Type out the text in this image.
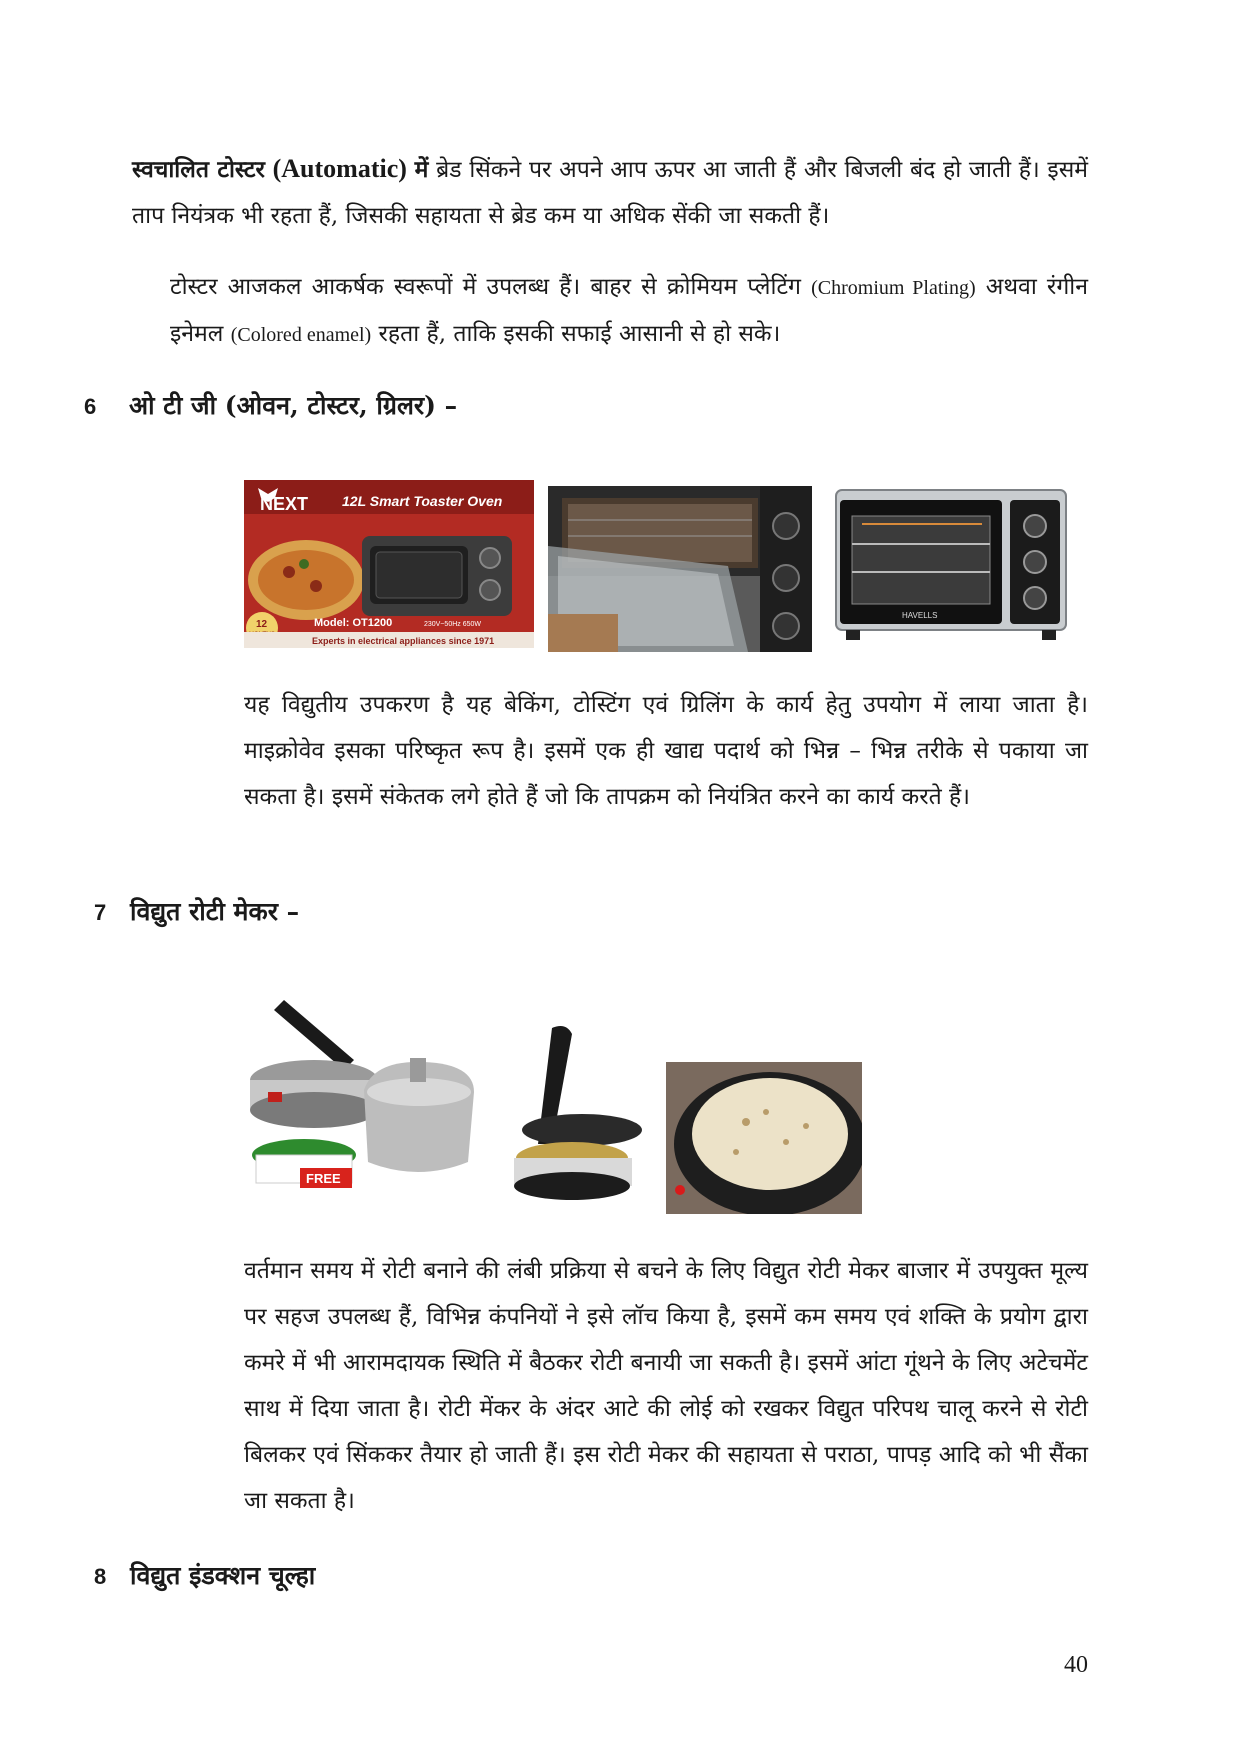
स्वचालित टोस्टर (Automatic) में ब्रेड सिंकने पर अपने आप ऊपर आ जाती हैं और बिजली बंद हो जाती हैं। इसमें ताप नियंत्रक भी रहता हैं, जिसकी सहायता से ब्रेड कम या अधिक सेंकी जा सकती हैं।
टोस्टर आजकल आकर्षक स्वरूपों में उपलब्ध हैं। बाहर से क्रोमियम प्लेटिंग (Chromium Plating) अथवा रंगीन इनेमल (Colored enamel) रहता हैं, ताकि इसकी सफाई आसानी से हो सके।
6 ओ टी जी (ओवन, टोस्टर, ग्रिलर) –
NEXT 12L Smart Toaster Oven
12	Model: OT1200	230V~50Hz 650W
Experts in electrical appliances since 1971
HAVELLS
यह विद्युतीय उपकरण है यह बेकिंग, टोस्टिंग एवं ग्रिलिंग के कार्य हेतु उपयोग में लाया जाता है। माइक्रोवेव इसका परिष्कृत रूप है। इसमें एक ही खाद्य पदार्थ को भिन्न – भिन्न तरीके से पकाया जा सकता है। इसमें संकेतक लगे होते हैं जो कि तापक्रम को नियंत्रित करने का कार्य करते हैं।
7 विद्युत रोटी मेकर –
FREE
वर्तमान समय में रोटी बनाने की लंबी प्रक्रिया से बचने के लिए विद्युत रोटी मेकर बाजार में उपयुक्त मूल्य पर सहज उपलब्ध हैं, विभिन्न कंपनियों ने इसे लॉच किया है, इसमें कम समय एवं शक्ति के प्रयोग द्वारा कमरे में भी आरामदायक स्थिति में बैठकर रोटी बनायी जा सकती है। इसमें आंटा गूंथने के लिए अटेचमेंट साथ में दिया जाता है। रोटी मेंकर के अंदर आटे की लोई को रखकर विद्युत परिपथ चालू करने से रोटी बिलकर एवं सिंककर तैयार हो जाती हैं। इस रोटी मेकर की सहायता से पराठा, पापड़ आदि को भी सैंका जा सकता है।
8 विद्युत इंडक्शन चूल्हा
40
